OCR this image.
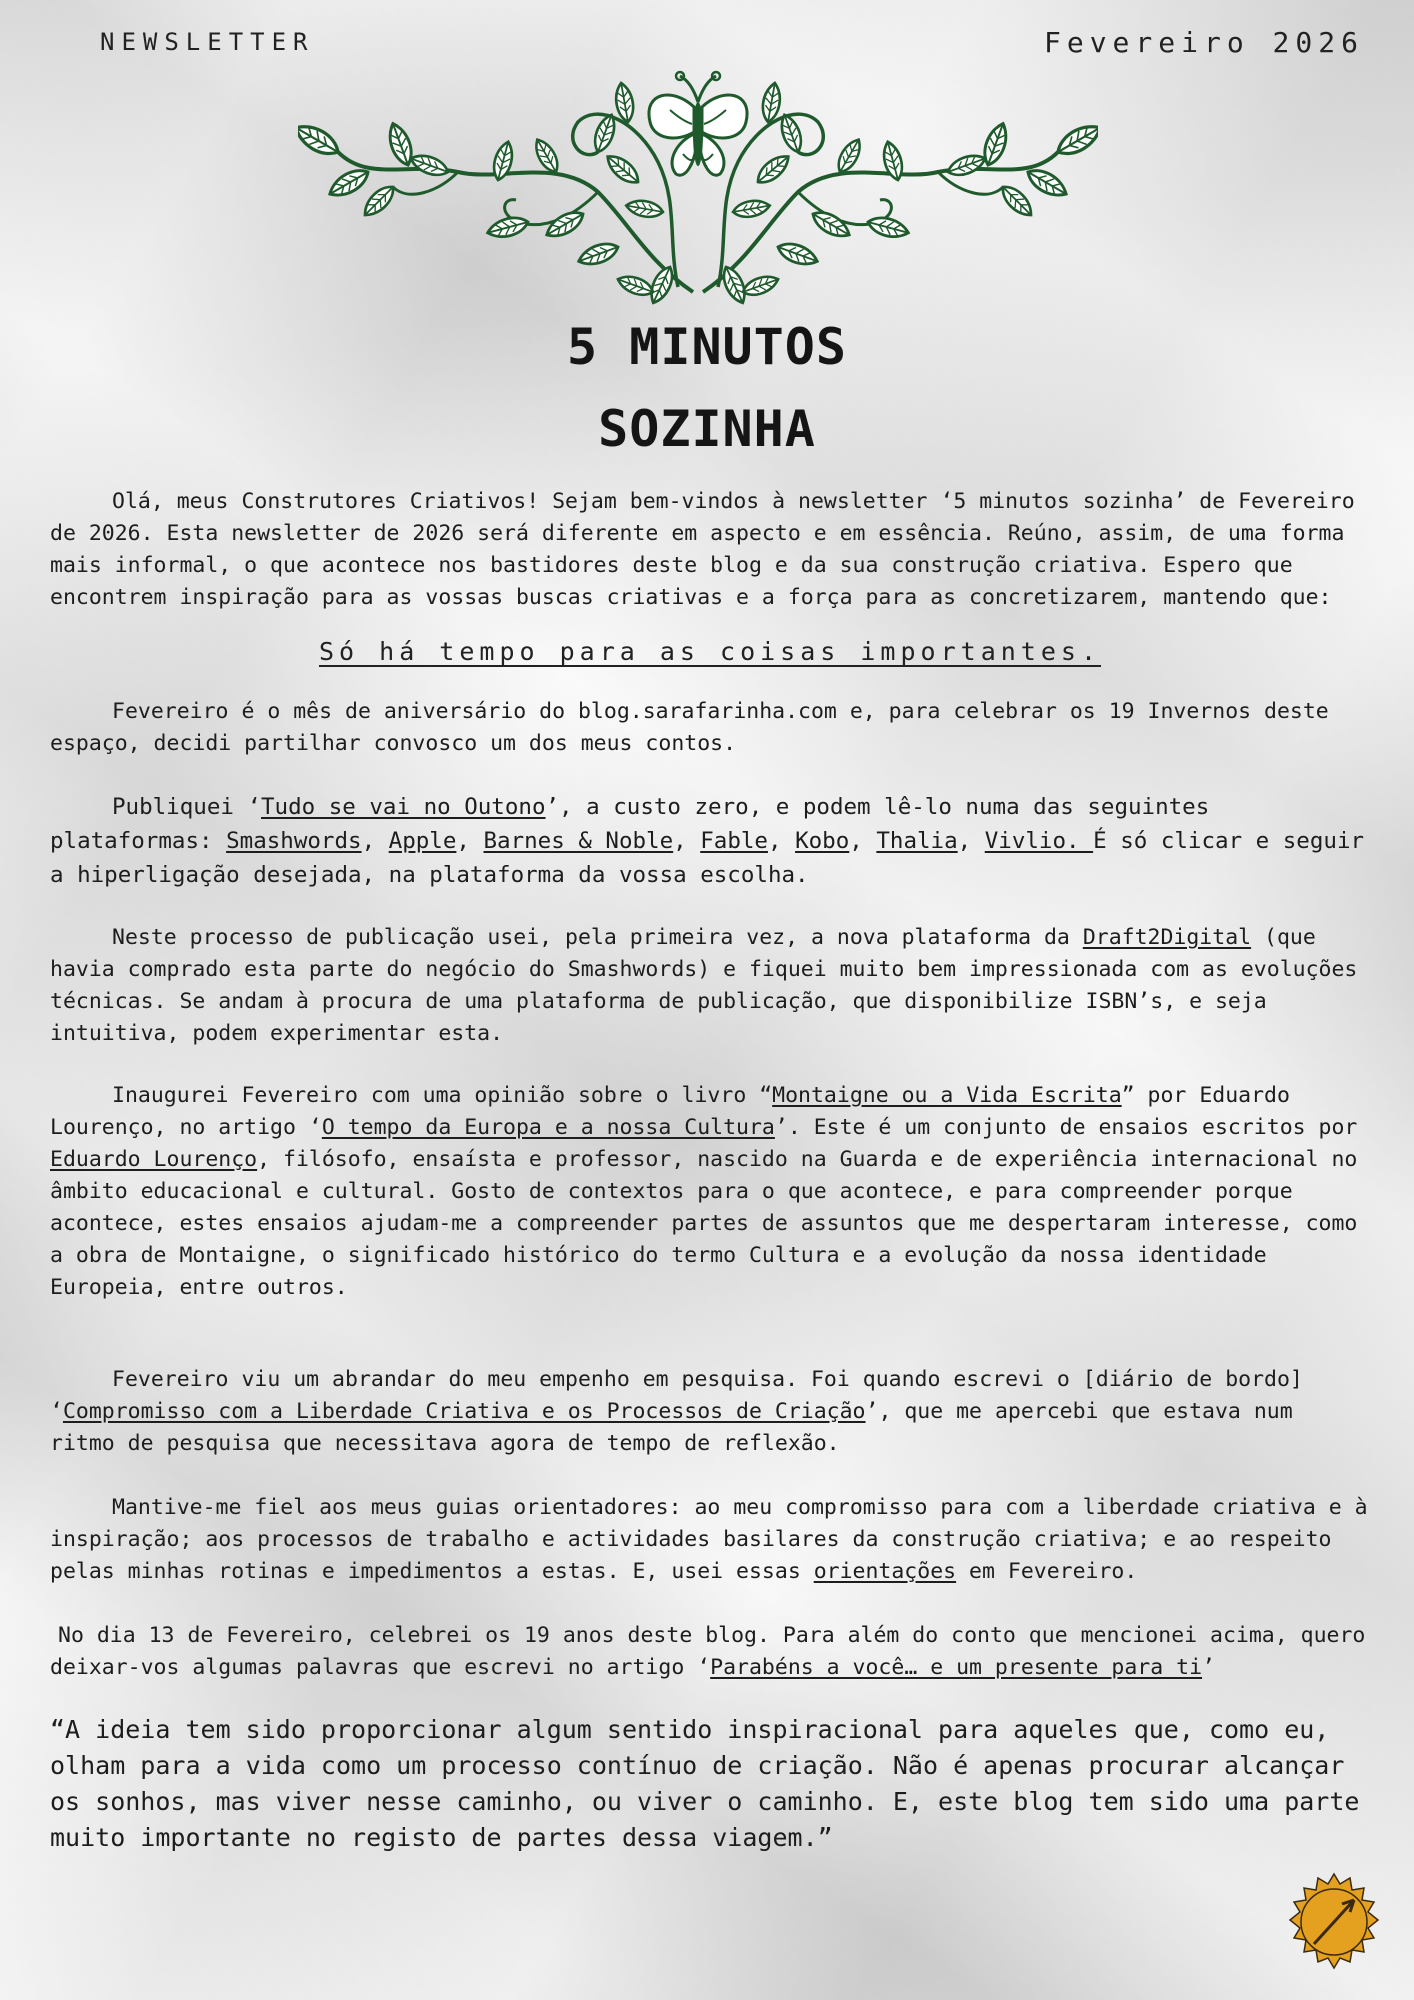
NEWSLETTER	Fevereiro 2026
5 MINUTOS
SOZINHA

Olá, meus Construtores Criativos! Sejam bem-vindos à newsletter ‘5 minutos sozinha’ de Fevereiro de 2026. Esta newsletter de 2026 será diferente em aspecto e em essência. Reúno, assim, de uma forma mais informal, o que acontece nos bastidores deste blog e da sua construção criativa. Espero que encontrem inspiração para as vossas buscas criativas e a força para as concretizarem, mantendo que:

Só há tempo para as coisas importantes.

Fevereiro é o mês de aniversário do blog.sarafarinha.com e, para celebrar os 19 Invernos deste espaço, decidi partilhar convosco um dos meus contos.

Publiquei ‘Tudo se vai no Outono’, a custo zero, e podem lê-lo numa das seguintes plataformas: Smashwords, Apple, Barnes & Noble, Fable, Kobo, Thalia, Vivlio. É só clicar e seguir a hiperligação desejada, na plataforma da vossa escolha.

Neste processo de publicação usei, pela primeira vez, a nova plataforma da Draft2Digital (que havia comprado esta parte do negócio do Smashwords) e fiquei muito bem impressionada com as evoluções técnicas. Se andam à procura de uma plataforma de publicação, que disponibilize ISBN’s, e seja intuitiva, podem experimentar esta.

Inaugurei Fevereiro com uma opinião sobre o livro “Montaigne ou a Vida Escrita” por Eduardo Lourenço, no artigo ‘O tempo da Europa e a nossa Cultura’. Este é um conjunto de ensaios escritos por Eduardo Lourenço, filósofo, ensaísta e professor, nascido na Guarda e de experiência internacional no âmbito educacional e cultural. Gosto de contextos para o que acontece, e para compreender porque acontece, estes ensaios ajudam-me a compreender partes de assuntos que me despertaram interesse, como a obra de Montaigne, o significado histórico do termo Cultura e a evolução da nossa identidade Europeia, entre outros.

Fevereiro viu um abrandar do meu empenho em pesquisa. Foi quando escrevi o [diário de bordo] ‘Compromisso com a Liberdade Criativa e os Processos de Criação’, que me apercebi que estava num ritmo de pesquisa que necessitava agora de tempo de reflexão.

Mantive-me fiel aos meus guias orientadores: ao meu compromisso para com a liberdade criativa e à inspiração; aos processos de trabalho e actividades basilares da construção criativa; e ao respeito pelas minhas rotinas e impedimentos a estas. E, usei essas orientações em Fevereiro.

No dia 13 de Fevereiro, celebrei os 19 anos deste blog. Para além do conto que mencionei acima, quero deixar-vos algumas palavras que escrevi no artigo ‘Parabéns a você… e um presente para ti’

“A ideia tem sido proporcionar algum sentido inspiracional para aqueles que, como eu, olham para a vida como um processo contínuo de criação. Não é apenas procurar alcançar os sonhos, mas viver nesse caminho, ou viver o caminho. E, este blog tem sido uma parte muito importante no registo de partes dessa viagem.”
